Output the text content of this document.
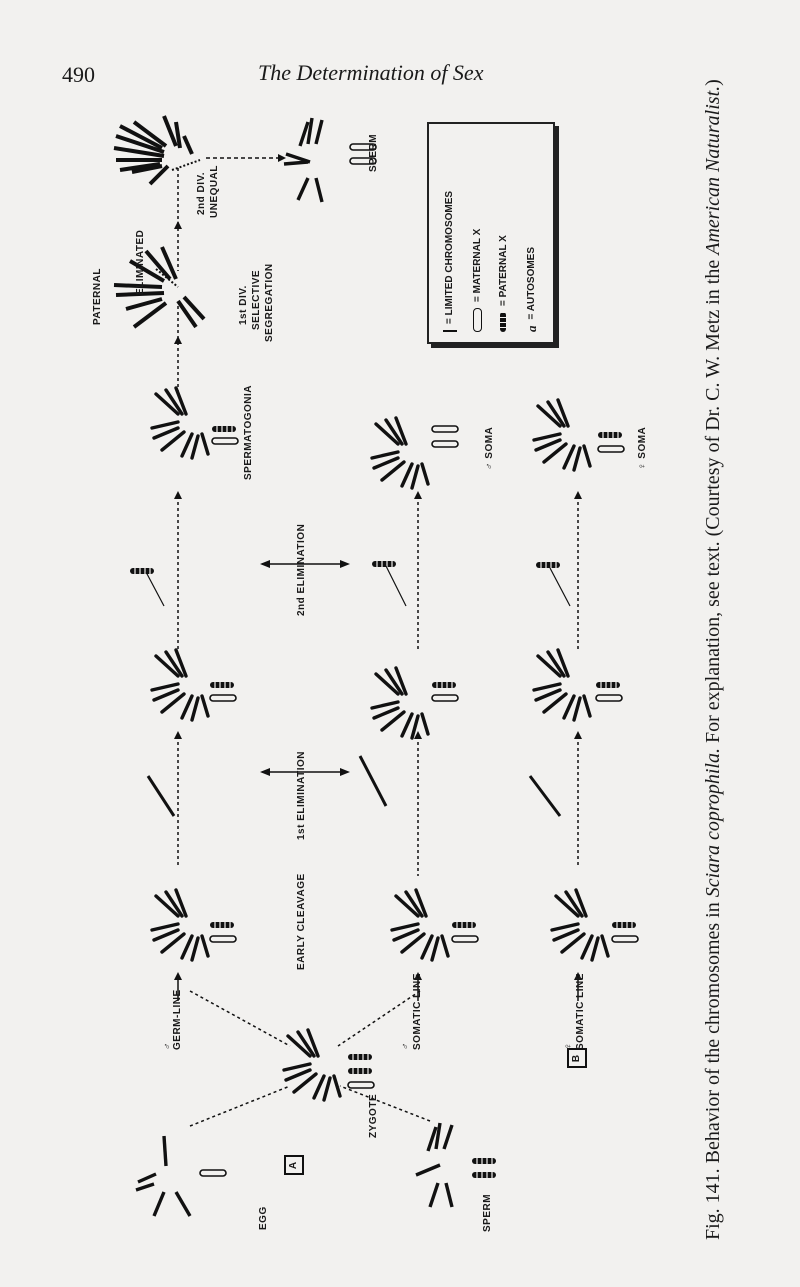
490	The Determination of Sex
= LIMITED CHROMOSOMES = MATERNAL X = PATERNAL X
a
= AUTOSOMES
PATERNAL
ELIMINATED
2nd DIV. UNEQUAL
1st DIV. SELECTIVE SEGREGATION
SPERM
SPERMATOGONIA	♂ SOMA	♀ SOMA
2nd ELIMINATION
1st ELIMINATION
EARLY CLEAVAGE
GERM-LINE
♂	SOMATIC LINE
♂	SOMATIC LINE
♀
ZYGOTE
EGG	SPERM
A
B	Fig. 141. Behavior of the chromosomes in Sciara coprophila. For explanation, see text. (Courtesy of Dr. C. W. Metz in the American Naturalist.)
